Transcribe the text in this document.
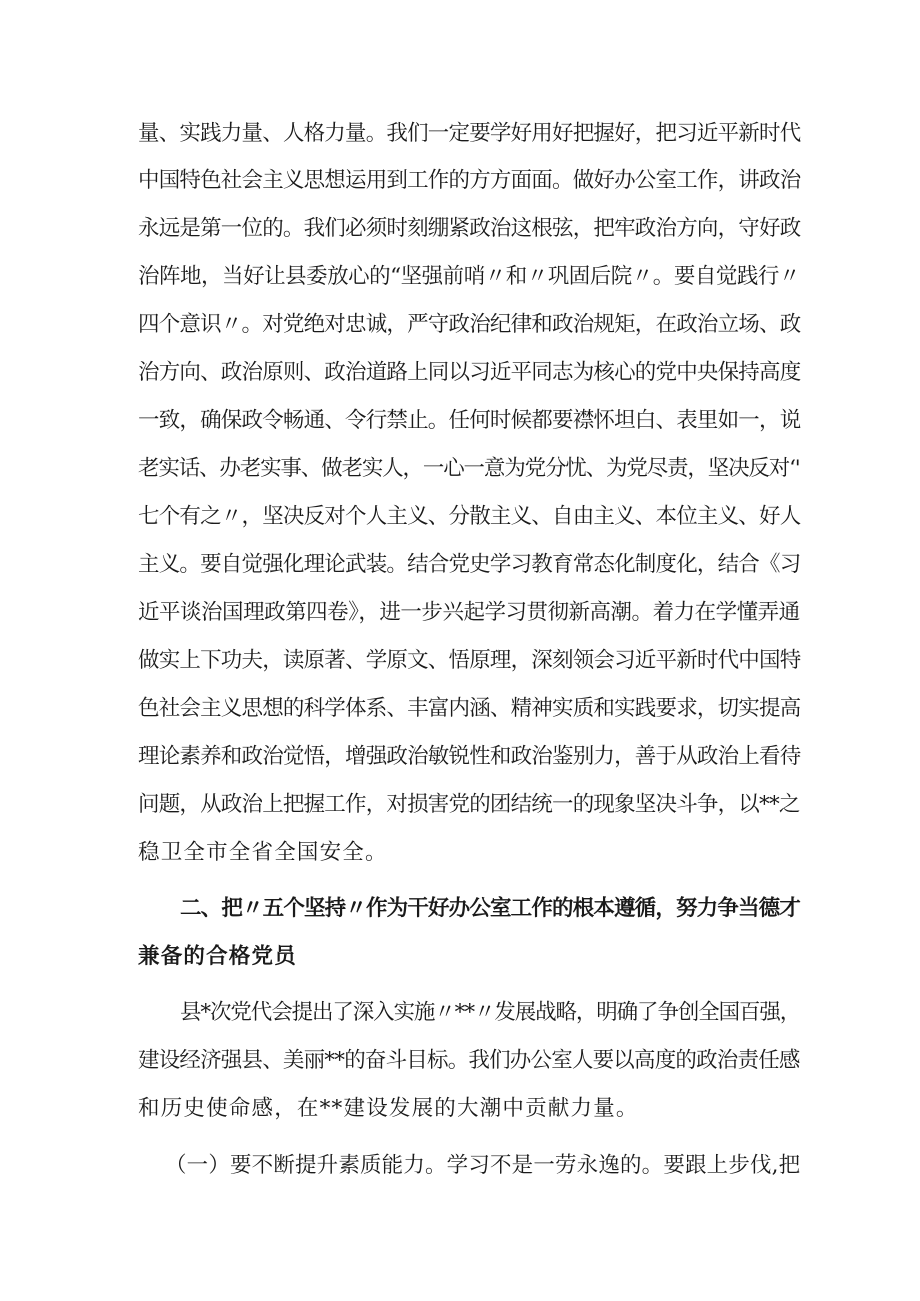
量、实践力量、人格力量。我们一定要学好用好把握好，把习近平新时代
中国特色社会主义思想运用到工作的方方面面。做好办公室工作，讲政治
永远是第一位的。我们必须时刻绷紧政治这根弦，把牢政治方向，守好政
治阵地，当好让县委放心的“坚强前哨〃和〃巩固后院〃。要自觉践行〃
四个意识〃。对党绝对忠诚，严守政治纪律和政治规矩，在政治立场、政
治方向、政治原则、政治道路上同以习近平同志为核心的党中央保持高度
一致，确保政令畅通、令行禁止。任何时候都要襟怀坦白、表里如一，说
老实话、办老实事、做老实人，一心一意为党分忧、为党尽责，坚决反对‘'
七个有之〃，坚决反对个人主义、分散主义、自由主义、本位主义、好人
主义。要自觉强化理论武装。结合党史学习教育常态化制度化，结合《习
近平谈治国理政第四卷》，进一步兴起学习贯彻新高潮。着力在学懂弄通
做实上下功夫，读原著、学原文、悟原理，深刻领会习近平新时代中国特
色社会主义思想的科学体系、丰富内涵、精神实质和实践要求，切实提高
理论素养和政治觉悟，增强政治敏锐性和政治鉴别力，善于从政治上看待
问题，从政治上把握工作，对损害党的团结统一的现象坚决斗争，以**之
稳卫全市全省全国安全。
二、把〃五个坚持〃作为干好办公室工作的根本遵循，努力争当德才
兼备的合格党员
县*次党代会提出了深入实施〃**〃发展战略，明确了争创全国百强，
建设经济强县、美丽**的奋斗目标。我们办公室人要以高度的政治责任感
和历史使命感，在**建设发展的大潮中贡献力量。
（一）要不断提升素质能力。学习不是一劳永逸的。要跟上步伐,把
